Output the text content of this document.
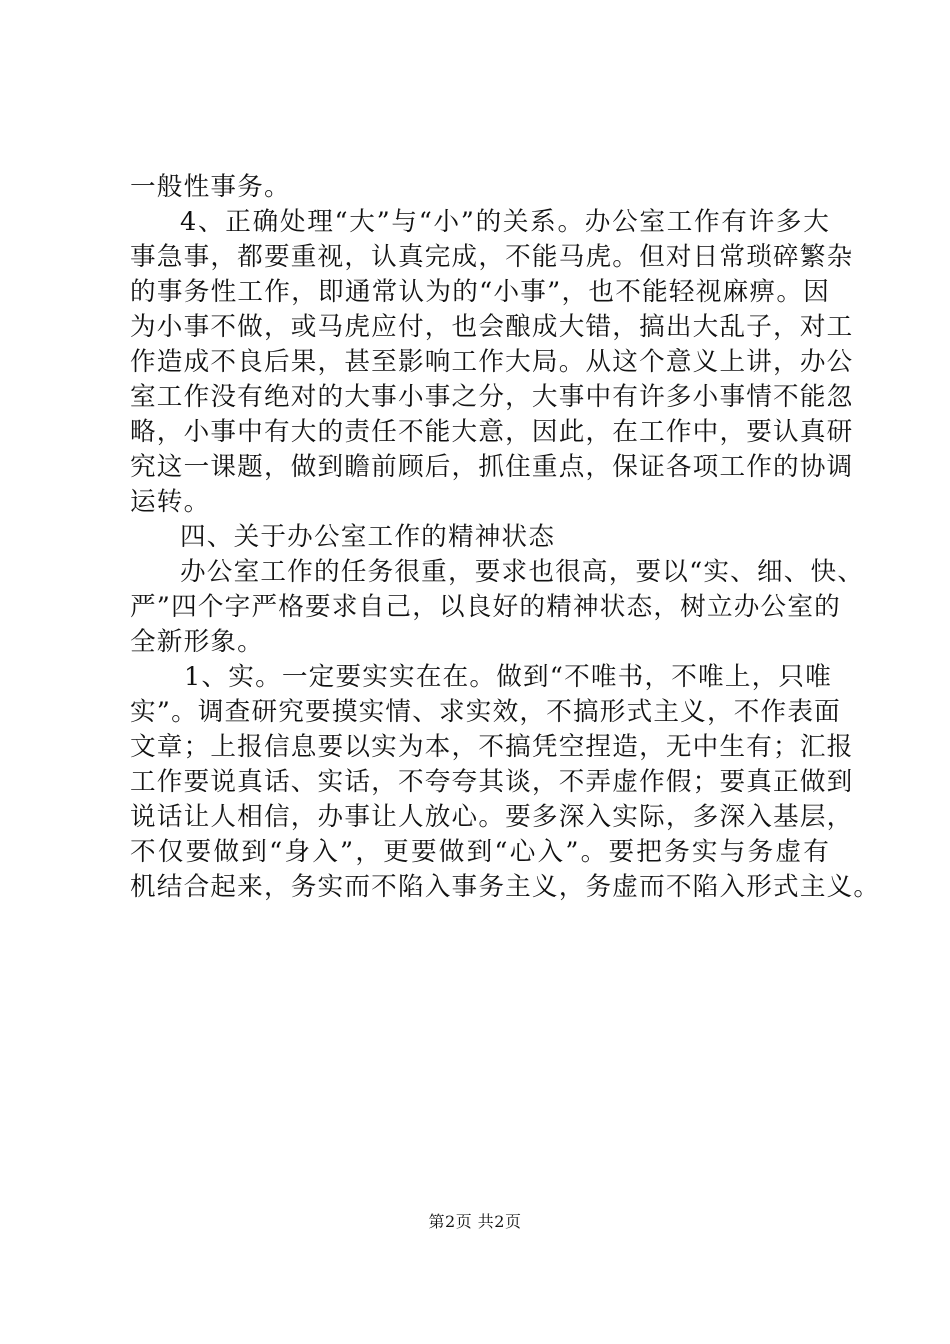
一般性事务。
4、正确处理“大”与“小”的关系。办公室工作有许多大
事急事，都要重视，认真完成，不能马虎。但对日常琐碎繁杂
的事务性工作，即通常认为的“小事”，也不能轻视麻痹。因
为小事不做，或马虎应付，也会酿成大错，搞出大乱子，对工
作造成不良后果，甚至影响工作大局。从这个意义上讲，办公
室工作没有绝对的大事小事之分，大事中有许多小事情不能忽
略，小事中有大的责任不能大意，因此，在工作中，要认真研
究这一课题，做到瞻前顾后，抓住重点，保证各项工作的协调
运转。
四、关于办公室工作的精神状态
办公室工作的任务很重，要求也很高，要以“实、细、快、
严”四个字严格要求自己，以良好的精神状态，树立办公室的
全新形象。
1、实。一定要实实在在。做到“不唯书，不唯上，只唯
实”。调查研究要摸实情、求实效，不搞形式主义，不作表面
文章；上报信息要以实为本，不搞凭空捏造，无中生有；汇报
工作要说真话、实话，不夸夸其谈，不弄虚作假；要真正做到
说话让人相信，办事让人放心。要多深入实际，多深入基层，
不仅要做到“身入”，更要做到“心入”。要把务实与务虚有
机结合起来，务实而不陷入事务主义，务虚而不陷入形式主义。
第2页 共2页
